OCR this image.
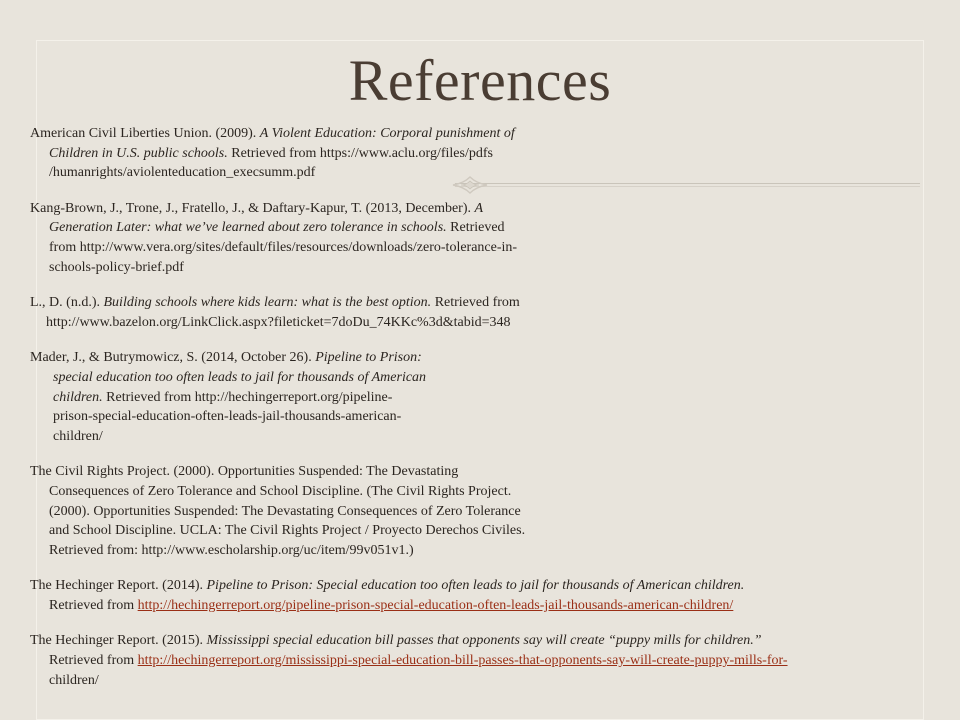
References
American Civil Liberties Union. (2009). A Violent Education: Corporal punishment of
Children in U.S. public schools. Retrieved from https://www.aclu.org/files/pdfs
/humanrights/aviolenteducation_execsumm.pdf
Kang-Brown, J., Trone, J., Fratello, J., & Daftary-Kapur, T. (2013, December). A
Generation Later: what we’ve learned about zero tolerance in schools. Retrieved
from http://www.vera.org/sites/default/files/resources/downloads/zero-tolerance-in-
schools-policy-brief.pdf
L., D. (n.d.). Building schools where kids learn: what is the best option. Retrieved from
http://www.bazelon.org/LinkClick.aspx?fileticket=7doDu_74KKc%3d&tabid=348
Mader, J., & Butrymowicz, S. (2014, October 26). Pipeline to Prison:
special education too often leads to jail for thousands of American
children. Retrieved from http://hechingerreport.org/pipeline-
prison-special-education-often-leads-jail-thousands-american-
children/
The Civil Rights Project. (2000). Opportunities Suspended: The Devastating
Consequences of Zero Tolerance and School Discipline. (The Civil Rights Project.
(2000). Opportunities Suspended: The Devastating Consequences of Zero Tolerance
and School Discipline. UCLA: The Civil Rights Project / Proyecto Derechos Civiles.
Retrieved from: http://www.escholarship.org/uc/item/99v051v1.)
The Hechinger Report. (2014). Pipeline to Prison: Special education too often leads to jail for thousands of American children.
Retrieved from http://hechingerreport.org/pipeline-prison-special-education-often-leads-jail-thousands-american-children/
The Hechinger Report. (2015). Mississippi special education bill passes that opponents say will create “puppy mills for children.”
Retrieved from http://hechingerreport.org/mississippi-special-education-bill-passes-that-opponents-say-will-create-puppy-mills-for-
children/
